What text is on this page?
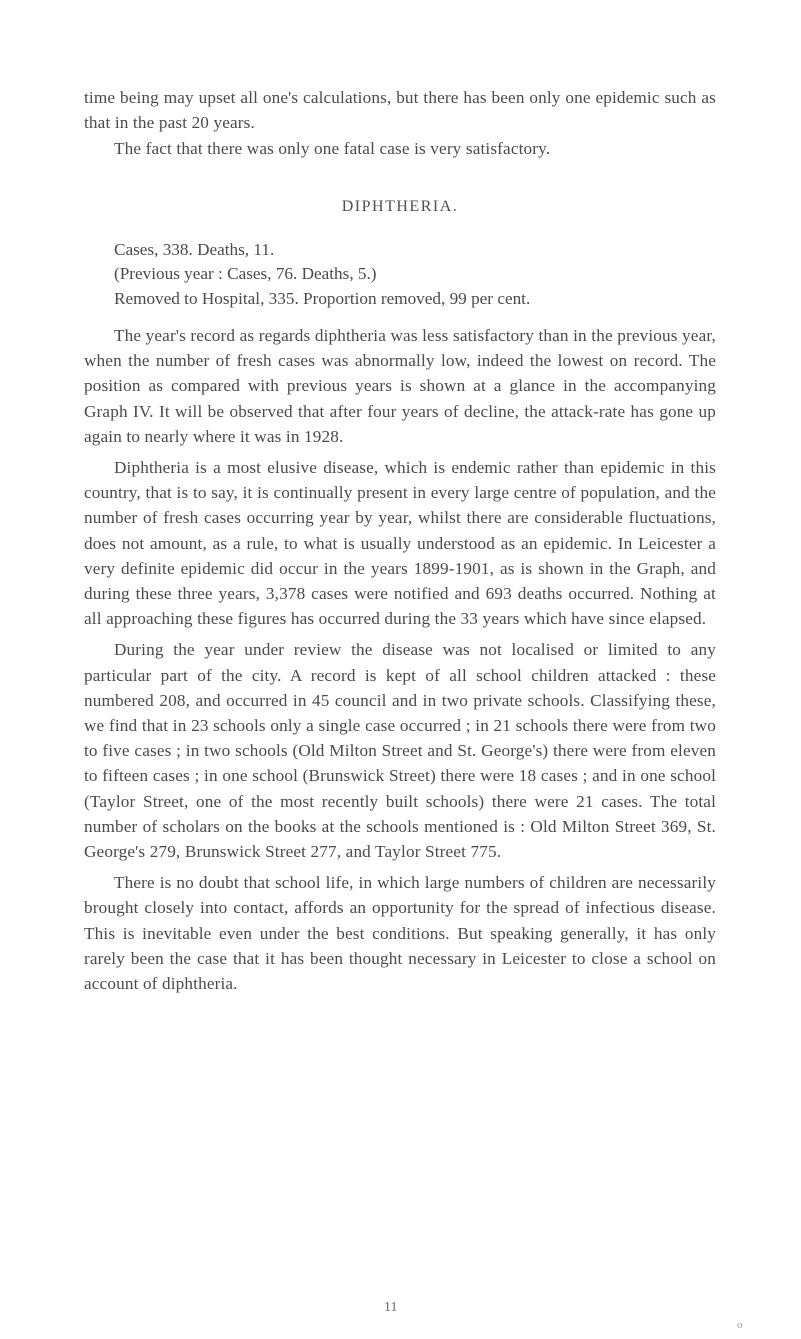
time being may upset all one's calculations, but there has been only one epidemic such as that in the past 20 years.

The fact that there was only one fatal case is very satisfactory.

DIPHTHERIA.
Cases, 338. Deaths, 11.
(Previous year : Cases, 76. Deaths, 5.)
Removed to Hospital, 335. Proportion removed, 99 per cent.

The year's record as regards diphtheria was less satisfactory than in the previous year, when the number of fresh cases was abnormally low, indeed the lowest on record. The position as compared with previous years is shown at a glance in the accompanying Graph IV. It will be observed that after four years of decline, the attack-rate has gone up again to nearly where it was in 1928.

Diphtheria is a most elusive disease, which is endemic rather than epidemic in this country, that is to say, it is continually present in every large centre of population, and the number of fresh cases occurring year by year, whilst there are considerable fluctuations, does not amount, as a rule, to what is usually understood as an epidemic. In Leicester a very definite epidemic did occur in the years 1899-1901, as is shown in the Graph, and during these three years, 3,378 cases were notified and 693 deaths occurred. Nothing at all approaching these figures has occurred during the 33 years which have since elapsed.

During the year under review the disease was not localised or limited to any particular part of the city. A record is kept of all school children attacked : these numbered 208, and occurred in 45 council and in two private schools. Classifying these, we find that in 23 schools only a single case occurred ; in 21 schools there were from two to five cases ; in two schools (Old Milton Street and St. George's) there were from eleven to fifteen cases ; in one school (Brunswick Street) there were 18 cases ; and in one school (Taylor Street, one of the most recently built schools) there were 21 cases. The total number of scholars on the books at the schools mentioned is : Old Milton Street 369, St. George's 279, Brunswick Street 277, and Taylor Street 775.

There is no doubt that school life, in which large numbers of children are necessarily brought closely into contact, affords an opportunity for the spread of infectious disease. This is inevitable even under the best conditions. But speaking generally, it has only rarely been the case that it has been thought necessary in Leicester to close a school on account of diphtheria.

11
o
